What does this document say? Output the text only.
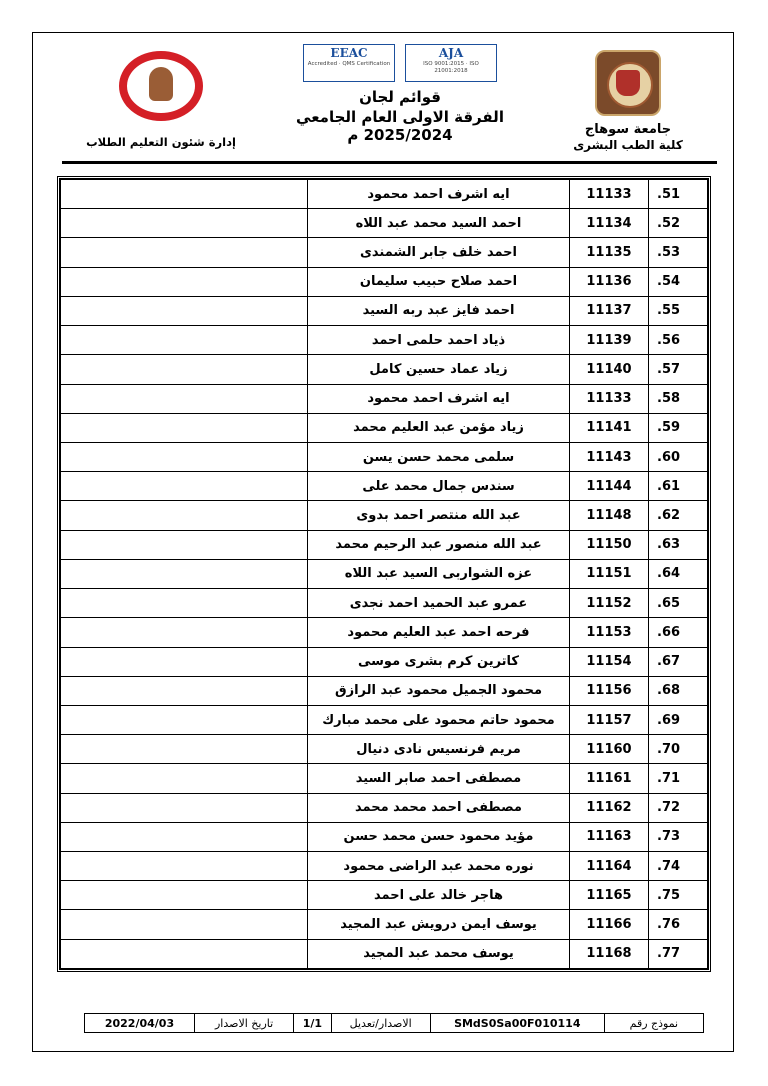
جامعة سوهاج
كلية الطب البشرى
EEAC
Accredited · QMS Certification
AJA
ISO 9001:2015 · ISO 21001:2018
قوائم لجان
الفرقة الاولى العام الجامعي 2025/2024 م
إدارة شئون التعليم الطلاب
.51	11133	ايه اشرف احمد محمود	
.52	11134	احمد السيد محمد عبد اللاه	
.53	11135	احمد خلف جابر الشمندى	
.54	11136	احمد صلاح حبيب سليمان	
.55	11137	احمد فايز عبد ربه السيد	
.56	11139	ذياد احمد حلمى احمد	
.57	11140	زياد عماد حسين كامل	
.58	11133	ايه اشرف احمد محمود	
.59	11141	زياد مؤمن عبد العليم محمد	
.60	11143	سلمى محمد حسن يسن	
.61	11144	سندس جمال محمد على	
.62	11148	عبد الله منتصر احمد بدوى	
.63	11150	عبد الله منصور عبد الرحيم محمد	
.64	11151	عزه الشواربى السيد عبد اللاه	
.65	11152	عمرو عبد الحميد احمد نجدى	
.66	11153	فرحه احمد عبد العليم محمود	
.67	11154	كاترين كرم بشرى موسى	
.68	11156	محمود الجميل محمود عبد الرازق	
.69	11157	محمود حاتم محمود على محمد مبارك	
.70	11160	مريم فرنسيس نادى دنيال	
.71	11161	مصطفى احمد صابر السيد	
.72	11162	مصطفى احمد محمد محمد	
.73	11163	مؤيد محمود حسن محمد حسن	
.74	11164	نوره محمد عبد الراضى محمود	
.75	11165	هاجر خالد على احمد	
.76	11166	يوسف ايمن درويش عبد المجيد	
.77	11168	يوسف محمد عبد المجيد	
نموذج رقم	SMdS0Sa00F010114	الاصدار/تعديل	1/1	تاريخ الاصدار	2022/04/03
